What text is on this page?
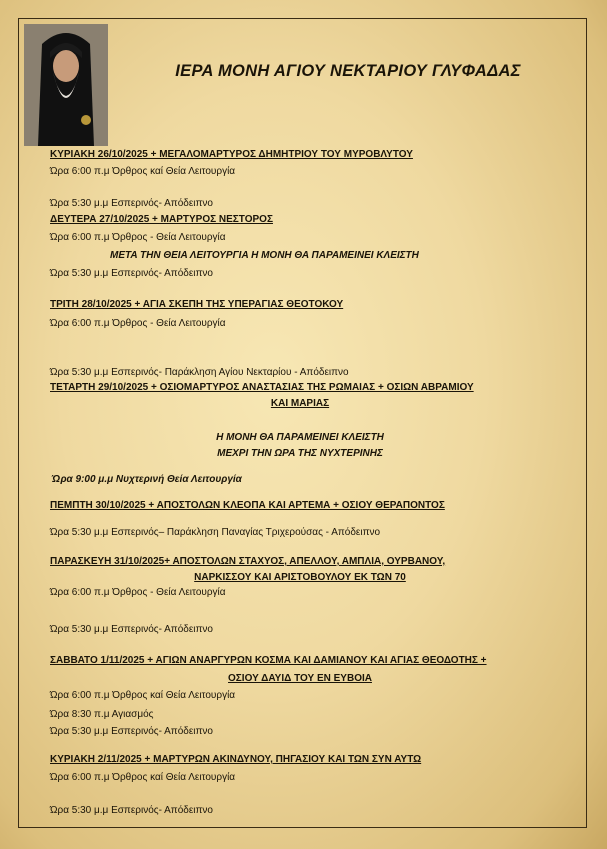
ΙΕΡΑ ΜΟΝΗ ΑΓΙΟΥ ΝΕΚΤΑΡΙΟΥ ΓΛΥΦΑΔΑΣ
ΚΥΡΙΑΚΗ 26/10/2025 + ΜΕΓΑΛΟΜΑΡΤΥΡΟΣ ΔΗΜΗΤΡΙΟΥ ΤΟΥ ΜΥΡΟΒΛΥΤΟΥ
Ώρα 6:00 π.μ Όρθρος καί Θεία Λειτουργία
Ώρα 5:30 μ.μ Εσπερινός- Απόδειπνο
ΔΕΥΤΕΡΑ 27/10/2025 + ΜΑΡΤΥΡΟΣ ΝΕΣΤΟΡΟΣ
Ώρα 6:00 π.μ Όρθρος - Θεία Λειτουργία
ΜΕΤΑ ΤΗΝ ΘΕΙΑ ΛΕΙΤΟΥΡΓΙΑ Η ΜΟΝΗ ΘΑ ΠΑΡΑΜΕΙΝΕΙ ΚΛΕΙΣΤΗ
Ώρα 5:30 μ.μ Εσπερινός- Απόδειπνο
ΤΡΙΤΗ 28/10/2025 + ΑΓΙΑ ΣΚΕΠΗ ΤΗΣ ΥΠΕΡΑΓΙΑΣ ΘΕΟΤΟΚΟΥ
Ώρα 6:00 π.μ Όρθρος - Θεία Λειτουργία
Ώρα 5:30 μ.μ Εσπερινός- Παράκληση Αγίου Νεκταρίου - Απόδειπνο
ΤΕΤΑΡΤΗ 29/10/2025 + ΟΣΙΟΜΑΡΤΥΡΟΣ ΑΝΑΣΤΑΣΙΑΣ ΤΗΣ ΡΩΜΑΙΑΣ + ΟΣΙΩΝ ΑΒΡΑΜΙΟΥ
ΚΑΙ ΜΑΡΙΑΣ
Η ΜΟΝΗ ΘΑ ΠΑΡΑΜΕΙΝΕΙ ΚΛΕΙΣΤΗ
ΜΕΧΡΙ ΤΗΝ ΩΡΑ ΤΗΣ ΝΥΧΤΕΡΙΝΗΣ
Ώρα 9:00 μ.μ Νυχτερινή Θεία Λειτουργία
ΠΕΜΠΤΗ 30/10/2025 + ΑΠΟΣΤΟΛΩΝ ΚΛΕΟΠΑ ΚΑΙ ΑΡΤΕΜΑ + ΟΣΙΟΥ ΘΕΡΑΠΟΝΤΟΣ
Ώρα 5:30 μ.μ Εσπερινός– Παράκληση Παναγίας Τριχερούσας - Απόδειπνο
ΠΑΡΑΣΚΕΥΗ 31/10/2025+ ΑΠΟΣΤΟΛΩΝ ΣΤΑΧΥΟΣ, ΑΠΕΛΛΟΥ, ΑΜΠΛΙΑ, ΟΥΡΒΑΝΟΥ,
ΝΑΡΚΙΣΣΟΥ ΚΑΙ ΑΡΙΣΤΟΒΟΥΛΟΥ ΕΚ ΤΩΝ 70
Ώρα 6:00 π.μ Όρθρος - Θεία Λειτουργία
Ώρα 5:30 μ.μ Εσπερινός- Απόδειπνο
ΣΑΒΒΑΤΟ 1/11/2025 + ΑΓΙΩΝ ΑΝΑΡΓΥΡΩΝ ΚΟΣΜΑ ΚΑΙ ΔΑΜΙΑΝΟΥ ΚΑΙ ΑΓΙΑΣ ΘΕΟΔΟΤΗΣ +
ΟΣΙΟΥ ΔΑΥΙΔ ΤΟΥ ΕΝ ΕΥΒΟΙΑ
Ώρα 6:00 π.μ Όρθρος καί Θεία Λειτουργία
Ώρα 8:30 π.μ Αγιασμός
Ώρα 5:30 μ.μ Εσπερινός- Απόδειπνο
ΚΥΡΙΑΚΗ 2/11/2025 + ΜΑΡΤΥΡΩΝ ΑΚΙΝΔΥΝΟΥ, ΠΗΓΑΣΙΟΥ ΚΑΙ ΤΩΝ ΣΥΝ ΑΥΤΩ
Ώρα 6:00 π.μ Όρθρος καί Θεία Λειτουργία
Ώρα 5:30 μ.μ Εσπερινός- Απόδειπνο
